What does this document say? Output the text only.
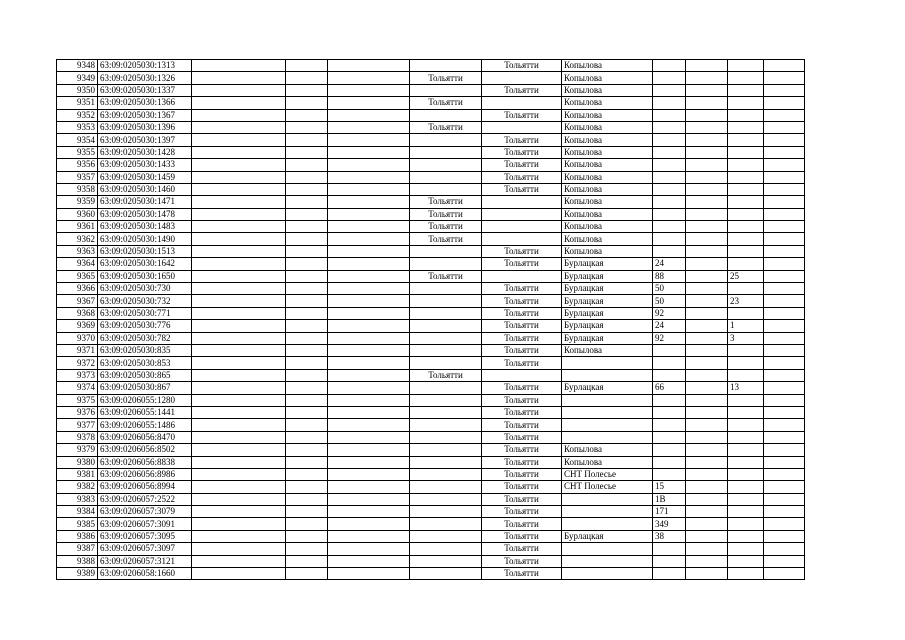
9348	63:09:0205030:1313					Тольятти	Копылова				
9349	63:09:0205030:1326				Тольятти		Копылова				
9350	63:09:0205030:1337					Тольятти	Копылова				
9351	63:09:0205030:1366				Тольятти		Копылова				
9352	63:09:0205030:1367					Тольятти	Копылова				
9353	63:09:0205030:1396				Тольятти		Копылова				
9354	63:09:0205030:1397					Тольятти	Копылова				
9355	63:09:0205030:1428					Тольятти	Копылова				
9356	63:09:0205030:1433					Тольятти	Копылова				
9357	63:09:0205030:1459					Тольятти	Копылова				
9358	63:09:0205030:1460					Тольятти	Копылова				
9359	63:09:0205030:1471				Тольятти		Копылова				
9360	63:09:0205030:1478				Тольятти		Копылова				
9361	63:09:0205030:1483				Тольятти		Копылова				
9362	63:09:0205030:1490				Тольятти		Копылова				
9363	63:09:0205030:1513					Тольятти	Копылова				
9364	63:09:0205030:1642					Тольятти	Бурлацкая	24			
9365	63:09:0205030:1650				Тольятти		Бурлацкая	88		25	
9366	63:09:0205030:730					Тольятти	Бурлацкая	50			
9367	63:09:0205030:732					Тольятти	Бурлацкая	50		23	
9368	63:09:0205030:771					Тольятти	Бурлацкая	92			
9369	63:09:0205030:776					Тольятти	Бурлацкая	24		1	
9370	63:09:0205030:782					Тольятти	Бурлацкая	92		3	
9371	63:09:0205030:835					Тольятти	Копылова				
9372	63:09:0205030:853					Тольятти					
9373	63:09:0205030:865				Тольятти						
9374	63:09:0205030:867					Тольятти	Бурлацкая	66		13	
9375	63:09:0206055:1280					Тольятти					
9376	63:09:0206055:1441					Тольятти					
9377	63:09:0206055:1486					Тольятти					
9378	63:09:0206056:8470					Тольятти					
9379	63:09:0206056:8502					Тольятти	Копылова				
9380	63:09:0206056:8838					Тольятти	Копылова				
9381	63:09:0206056:8986					Тольятти	СНТ Полесье				
9382	63:09:0206056:8994					Тольятти	СНТ Полесье	15			
9383	63:09:0206057:2522					Тольятти		1В			
9384	63:09:0206057:3079					Тольятти		171			
9385	63:09:0206057:3091					Тольятти		349			
9386	63:09:0206057:3095					Тольятти	Бурлацкая	38			
9387	63:09:0206057:3097					Тольятти					
9388	63:09:0206057:3121					Тольятти					
9389	63:09:0206058:1660					Тольятти					
